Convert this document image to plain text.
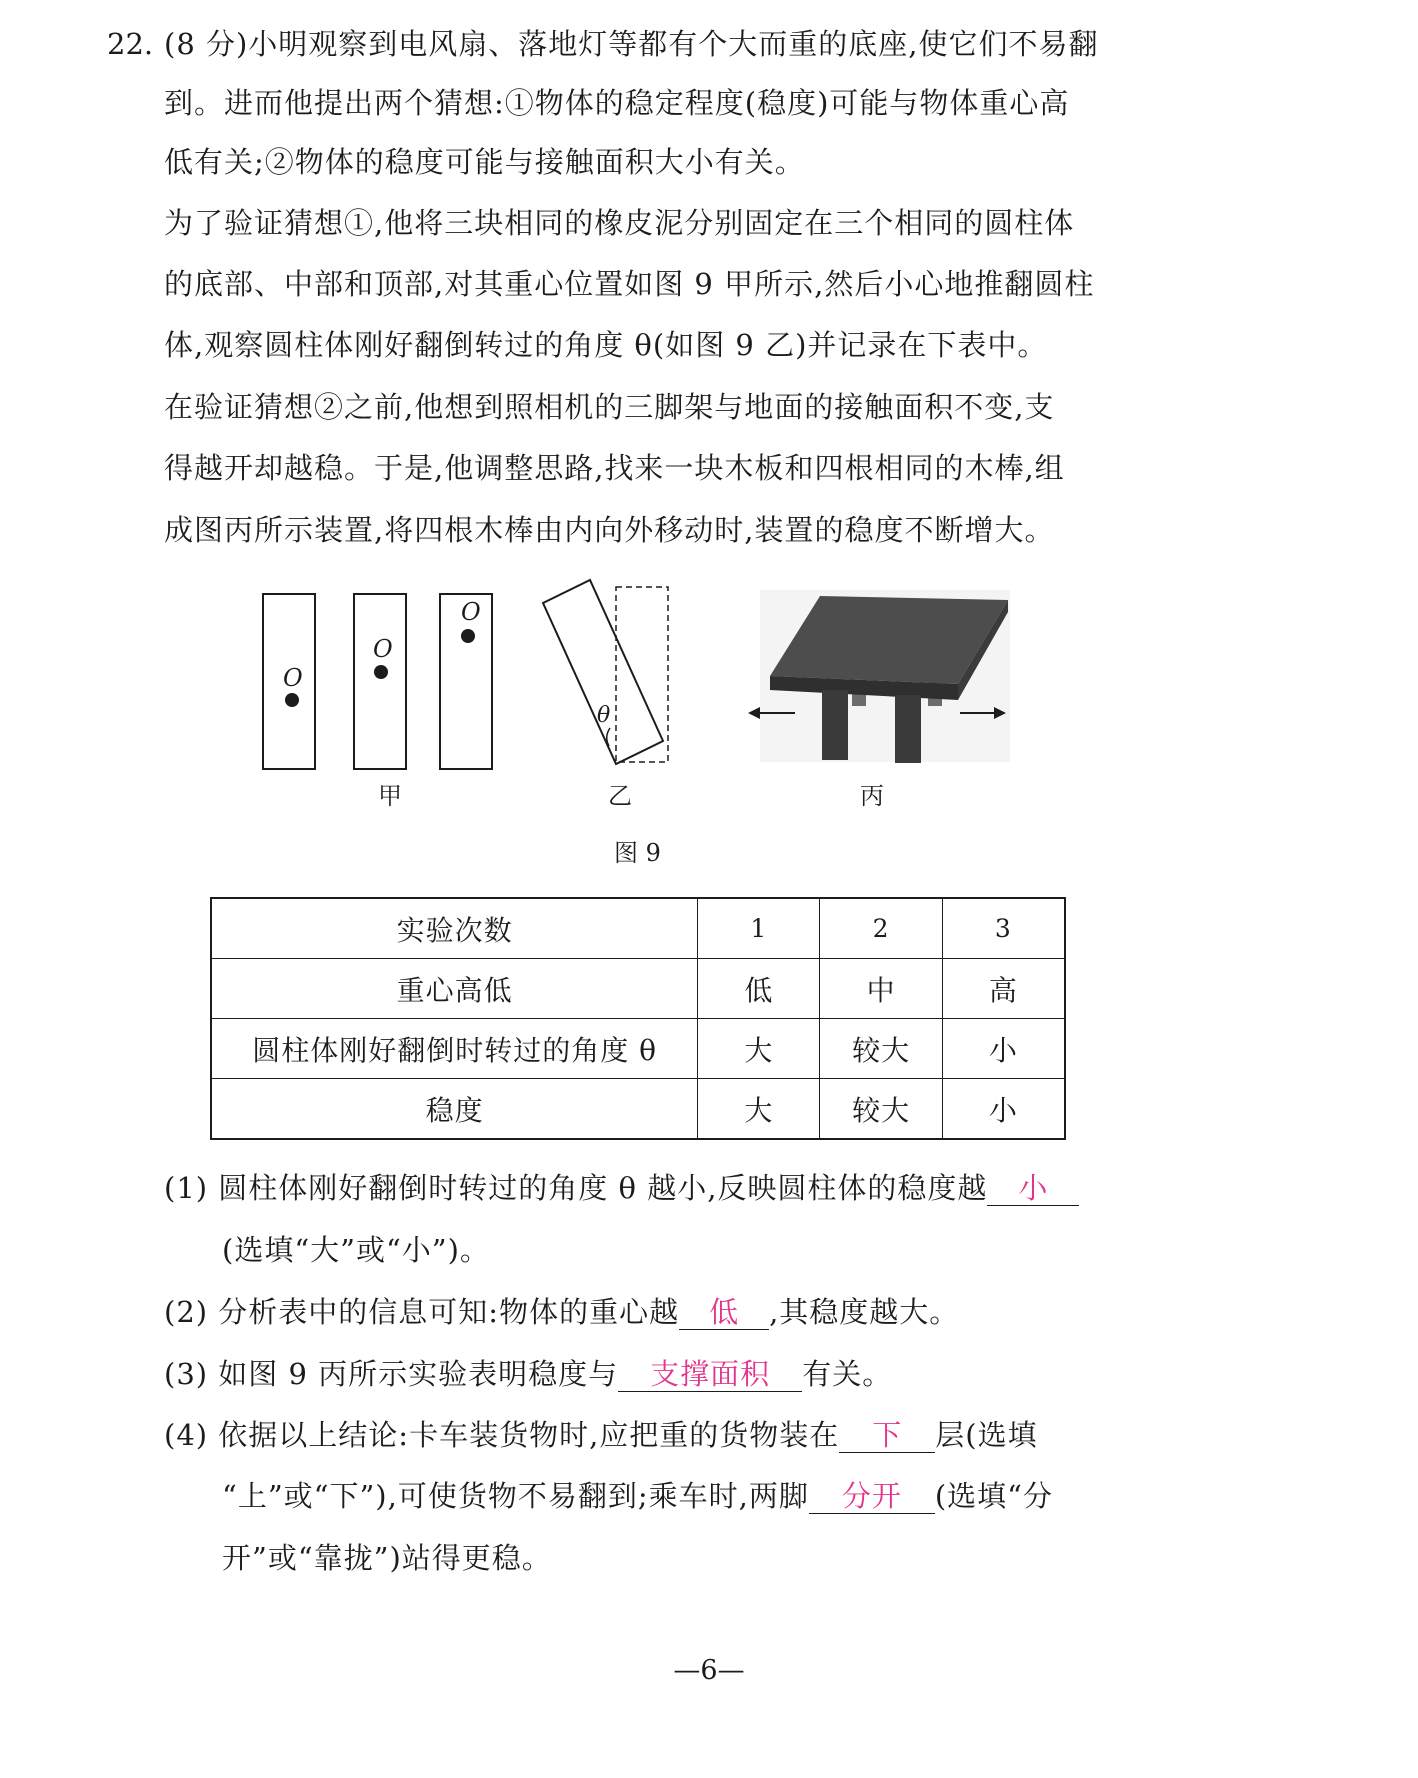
22. (8 分)小明观察到电风扇、落地灯等都有个大而重的底座,使它们不易翻
到。进而他提出两个猜想:①物体的稳定程度(稳度)可能与物体重心高
低有关;②物体的稳度可能与接触面积大小有关。
为了验证猜想①,他将三块相同的橡皮泥分别固定在三个相同的圆柱体
的底部、中部和顶部,对其重心位置如图 9 甲所示,然后小心地推翻圆柱
体,观察圆柱体刚好翻倒转过的角度 θ(如图 9 乙)并记录在下表中。
在验证猜想②之前,他想到照相机的三脚架与地面的接触面积不变,支
得越开却越稳。于是,他调整思路,找来一块木板和四根相同的木棒,组
成图丙所示装置,将四根木棒由内向外移动时,装置的稳度不断增大。
O
O
O
θ
甲	乙	丙
图 9
实验次数	1	2	3
重心高低	低	中	高
圆柱体刚好翻倒时转过的角度 θ	大	较大	小
稳度	大	较大	小
(1) 圆柱体刚好翻倒时转过的角度 θ 越小,反映圆柱体的稳度越 小
(选填“大”或“小”)。
(2) 分析表中的信息可知:物体的重心越 低 ,其稳度越大。
(3) 如图 9 丙所示实验表明稳度与 支撑面积 有关。
(4) 依据以上结论:卡车装货物时,应把重的货物装在 下 层(选填
“上”或“下”),可使货物不易翻到;乘车时,两脚 分开 (选填“分
开”或“靠拢”)站得更稳。
—6—
